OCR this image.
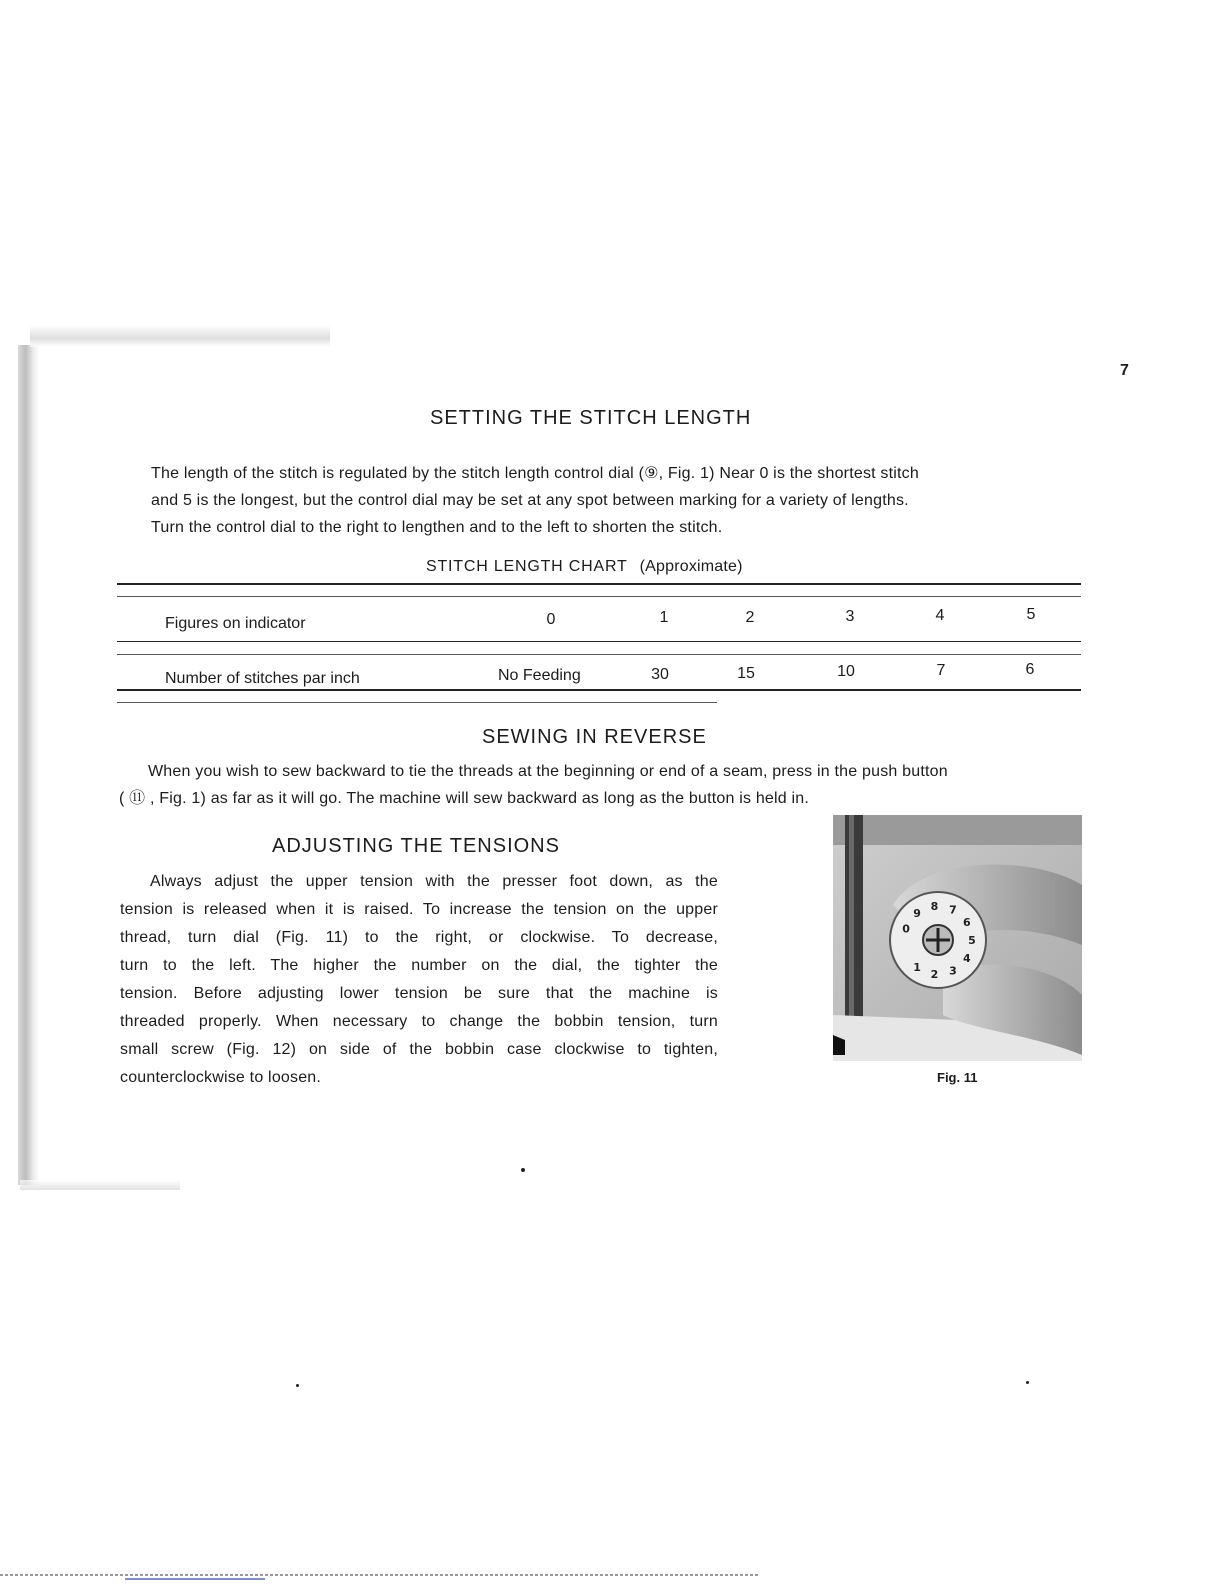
7
SETTING THE STITCH LENGTH

The length of the stitch is regulated by the stitch length control dial (⑨, Fig. 1) Near 0 is the shortest stitch

and 5 is the longest, but the control dial may be set at any spot between marking for a variety of lengths.

Turn the control dial to the right to lengthen and to the left to shorten the stitch.

STITCH LENGTH CHART (Approximate)
Figures on indicator	0	1	2	3	4	5
Number of stitches par inch	No Feeding	30	15	10	7	6
SEWING IN REVERSE

When you wish to sew backward to tie the threads at the beginning or end of a seam, press in the push button

( ⑪ , Fig. 1) as far as it will go. The machine will sew backward as long as the button is held in.

ADJUSTING THE TENSIONS

Always adjust the upper tension with the presser foot down, as the

tension is released when it is raised. To increase the tension on the upper

thread, turn dial (Fig. 11) to the right, or clockwise. To decrease,

turn to the left. The higher the number on the dial, the tighter the

tension. Before adjusting lower tension be sure that the machine is

threaded properly. When necessary to change the bobbin tension, turn

small screw (Fig. 12) on side of the bobbin case clockwise to tighten,

counterclockwise to loosen.

0
9
8 7
6
5
4
3
2
1
Fig. 11
